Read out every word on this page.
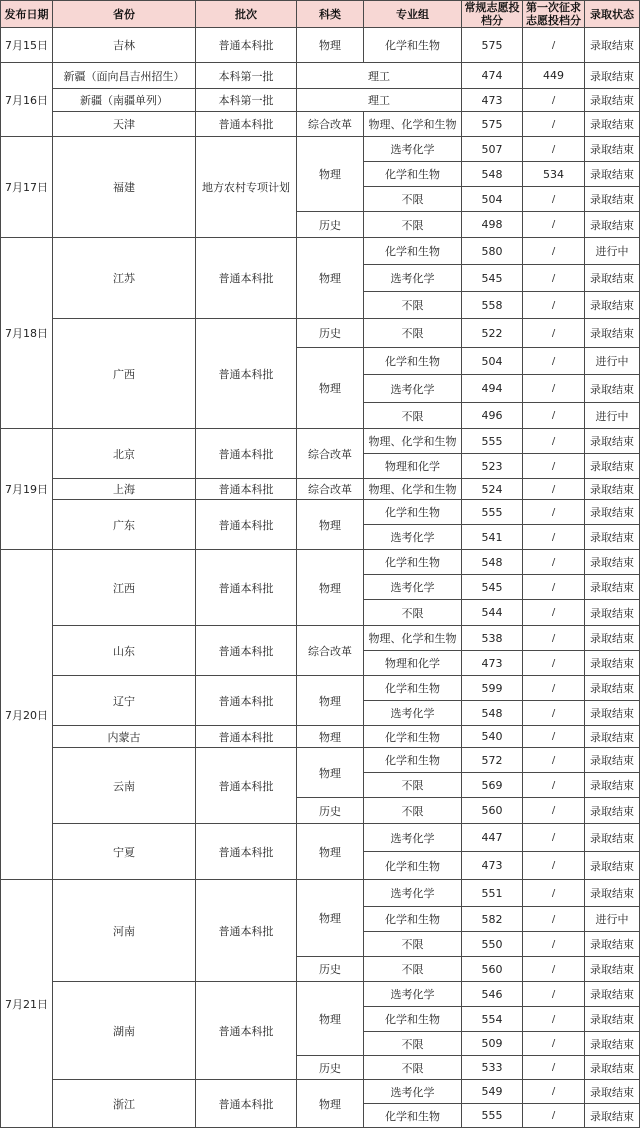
发布日期	省份	批次	科类	专业组	常规志愿投档分	第一次征求志愿投档分	录取状态
7月15日	吉林	普通本科批	物理	化学和生物	575	/	录取结束
7月16日	新疆（面向昌吉州招生）	本科第一批	理工		474	449	录取结束
	新疆（南疆单列）	本科第一批	理工		473	/	录取结束
	天津	普通本科批	综合改革	物理、化学和生物	575	/	录取结束
7月17日	福建	地方农村专项计划	物理	选考化学	507	/	录取结束
				化学和生物	548	534	录取结束
				不限	504	/	录取结束
			历史	不限	498	/	录取结束
7月18日	江苏	普通本科批	物理	化学和生物	580	/	进行中
				选考化学	545	/	录取结束
				不限	558	/	录取结束
	广西	普通本科批	历史	不限	522	/	录取结束
			物理	化学和生物	504	/	进行中
				选考化学	494	/	录取结束
				不限	496	/	进行中
7月19日	北京	普通本科批	综合改革	物理、化学和生物	555	/	录取结束
				物理和化学	523	/	录取结束
	上海	普通本科批	综合改革	物理、化学和生物	524	/	录取结束
	广东	普通本科批	物理	化学和生物	555	/	录取结束
				选考化学	541	/	录取结束
7月20日	江西	普通本科批	物理	化学和生物	548	/	录取结束
				选考化学	545	/	录取结束
				不限	544	/	录取结束
	山东	普通本科批	综合改革	物理、化学和生物	538	/	录取结束
				物理和化学	473	/	录取结束
	辽宁	普通本科批	物理	化学和生物	599	/	录取结束
				选考化学	548	/	录取结束
	内蒙古	普通本科批	物理	化学和生物	540	/	录取结束
	云南	普通本科批	物理	化学和生物	572	/	录取结束
				不限	569	/	录取结束
			历史	不限	560	/	录取结束
	宁夏	普通本科批	物理	选考化学	447	/	录取结束
				化学和生物	473	/	录取结束
7月21日	河南	普通本科批	物理	选考化学	551	/	录取结束
				化学和生物	582	/	进行中
				不限	550	/	录取结束
			历史	不限	560	/	录取结束
	湖南	普通本科批	物理	选考化学	546	/	录取结束
				化学和生物	554	/	录取结束
				不限	509	/	录取结束
			历史	不限	533	/	录取结束
	浙江	普通本科批	物理	选考化学	549	/	录取结束
				化学和生物	555	/	录取结束
